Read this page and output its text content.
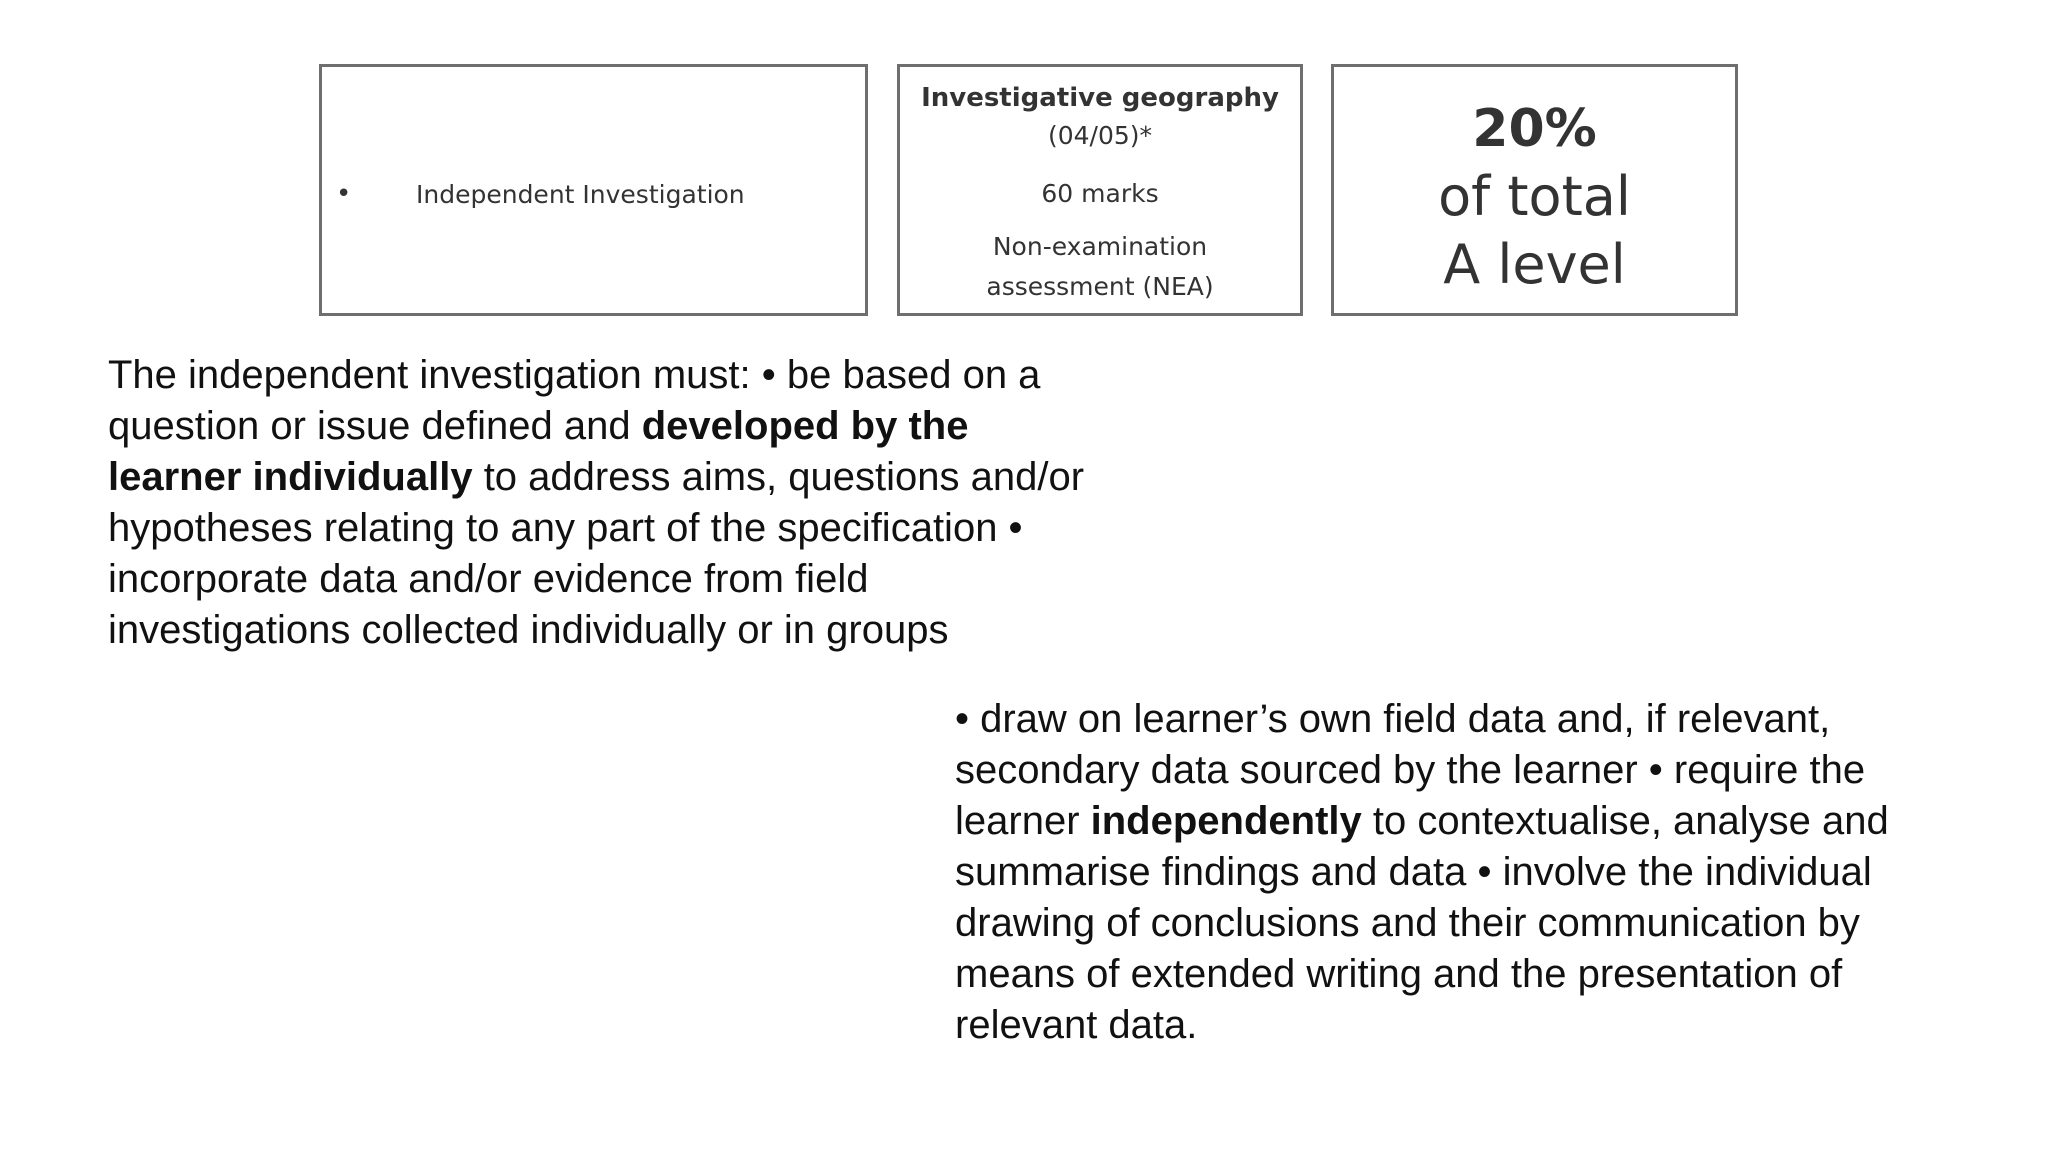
•	Independent Investigation
Investigative geography
(04/05)*
60 marks
Non-examination
assessment (NEA)
20%
of total
A level
The independent investigation must: • be based on a question or issue defined and developed by the learner individually to address aims, questions and/or hypotheses relating to any part of the specification • incorporate data and/or evidence from field investigations collected individually or in groups
• draw on learner’s own field data and, if relevant, secondary data sourced by the learner • require the learner independently to contextualise, analyse and summarise findings and data • involve the individual drawing of conclusions and their communication by means of extended writing and the presentation of relevant data.
